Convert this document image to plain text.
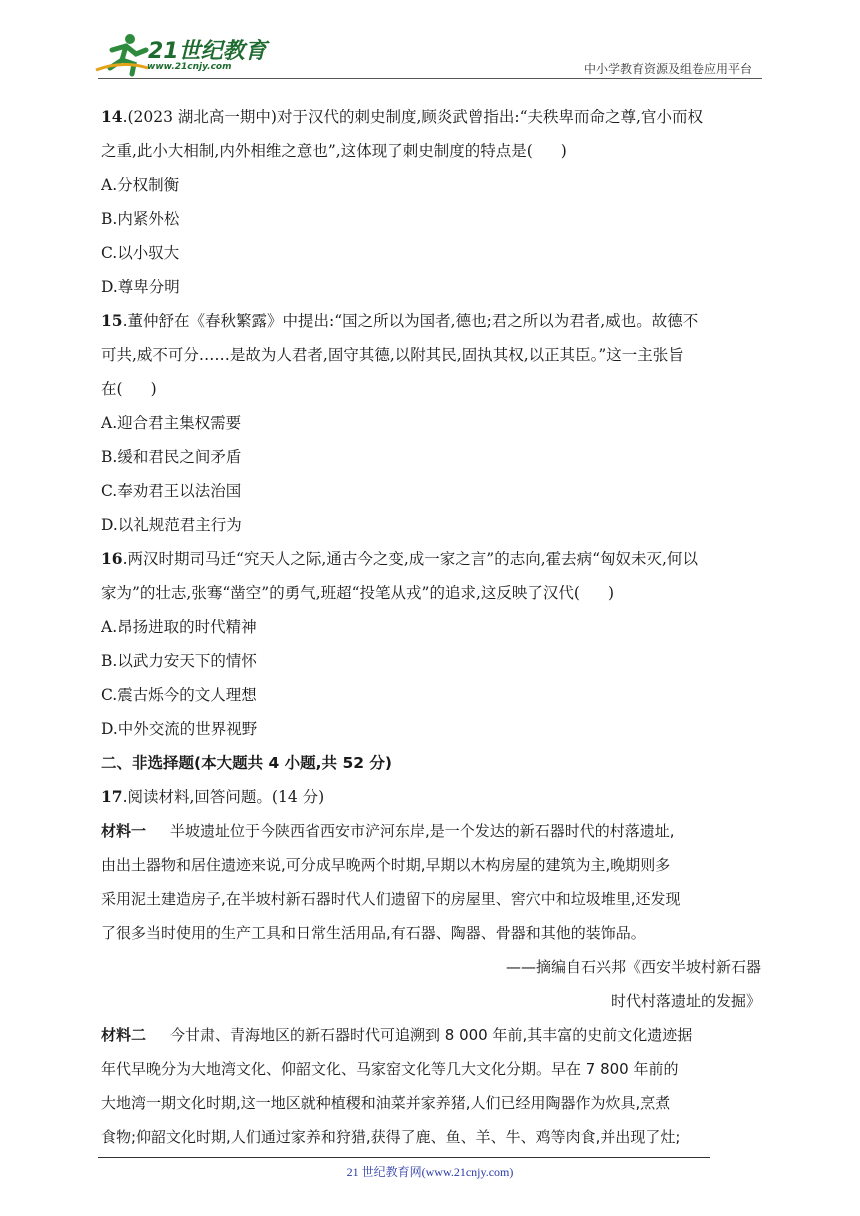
21世纪教育
www.21cnjy.com	中小学教育资源及组卷应用平台
14.(2023 湖北高一期中)对于汉代的刺史制度,顾炎武曾指出:“夫秩卑而命之尊,官小而权
之重,此小大相制,内外相维之意也”,这体现了刺史制度的特点是( )
A.分权制衡
B.内紧外松
C.以小驭大
D.尊卑分明
15.董仲舒在《春秋繁露》中提出:“国之所以为国者,德也;君之所以为君者,威也。故德不
可共,威不可分……是故为人君者,固守其德,以附其民,固执其权,以正其臣。”这一主张旨
在( )
A.迎合君主集权需要
B.缓和君民之间矛盾
C.奉劝君王以法治国
D.以礼规范君主行为
16.两汉时期司马迁“究天人之际,通古今之变,成一家之言”的志向,霍去病“匈奴未灭,何以
家为”的壮志,张骞“凿空”的勇气,班超“投笔从戎”的追求,这反映了汉代( )
A.昂扬进取的时代精神
B.以武力安天下的情怀
C.震古烁今的文人理想
D.中外交流的世界视野
二、非选择题(本大题共 4 小题,共 52 分)
17.阅读材料,回答问题。(14 分)
材料一 半坡遗址位于今陕西省西安市浐河东岸,是一个发达的新石器时代的村落遗址,
由出土器物和居住遗迹来说,可分成早晚两个时期,早期以木构房屋的建筑为主,晚期则多
采用泥土建造房子,在半坡村新石器时代人们遗留下的房屋里、窖穴中和垃圾堆里,还发现
了很多当时使用的生产工具和日常生活用品,有石器、陶器、骨器和其他的装饰品。
——摘编自石兴邦《西安半坡村新石器
时代村落遗址的发掘》
材料二 今甘肃、青海地区的新石器时代可追溯到 8 000 年前,其丰富的史前文化遗迹据
年代早晚分为大地湾文化、仰韶文化、马家窑文化等几大文化分期。早在 7 800 年前的
大地湾一期文化时期,这一地区就种植稷和油菜并家养猪,人们已经用陶器作为炊具,烹煮
食物;仰韶文化时期,人们通过家养和狩猎,获得了鹿、鱼、羊、牛、鸡等肉食,并出现了灶;
21 世纪教育网(www.21cnjy.com)
